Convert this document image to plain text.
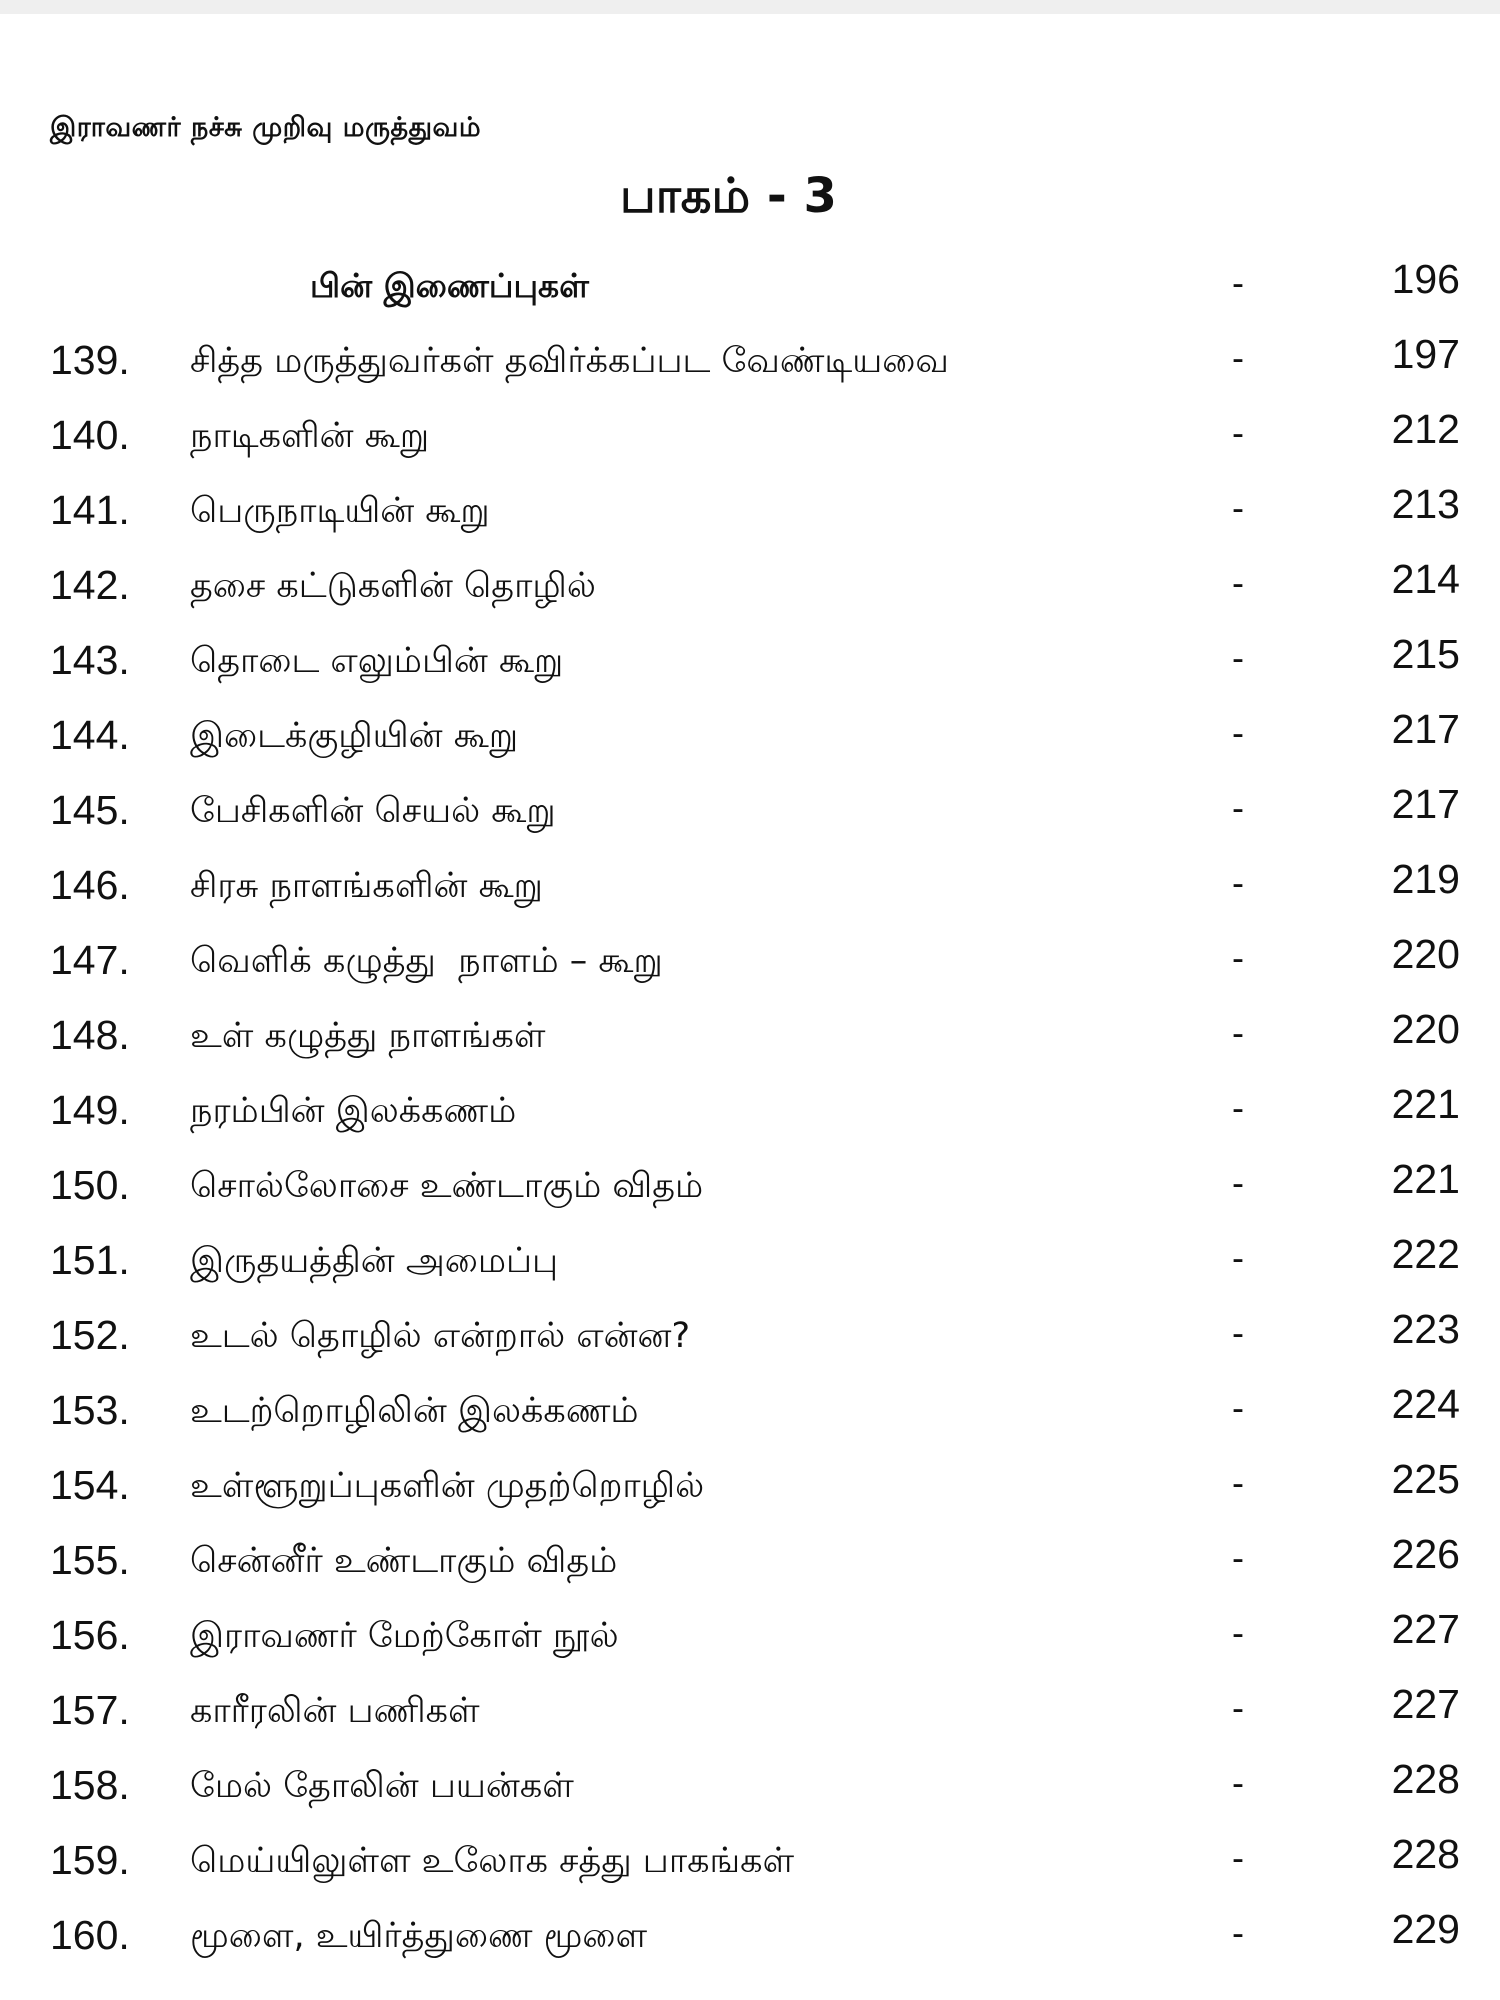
இராவணர் நச்சு முறிவு மருத்துவம்
பாகம் - 3
பின் இணைப்புகள்	-	196
139. சித்த மருத்துவர்கள் தவிர்க்கப்பட வேண்டியவை	-	197
140. நாடிகளின் கூறு	-	212
141. பெருநாடியின் கூறு	-	213
142. தசை கட்டுகளின் தொழில்	-	214
143. தொடை எலும்பின் கூறு	-	215
144. இடைக்குழியின் கூறு	-	217
145. பேசிகளின் செயல் கூறு	-	217
146. சிரசு நாளங்களின் கூறு	-	219
147. வெளிக் கழுத்து  நாளம் – கூறு	-	220
148. உள் கழுத்து நாளங்கள்	-	220
149. நரம்பின் இலக்கணம்	-	221
150. சொல்லோசை உண்டாகும் விதம்	-	221
151. இருதயத்தின் அமைப்பு	-	222
152. உடல் தொழில் என்றால் என்ன?	-	223
153. உடற்றொழிலின் இலக்கணம்	-	224
154. உள்ளூறுப்புகளின் முதற்றொழில்	-	225
155. சென்னீர் உண்டாகும் விதம்	-	226
156. இராவணர் மேற்கோள் நூல்	-	227
157. காரீரலின் பணிகள்	-	227
158. மேல் தோலின் பயன்கள்	-	228
159. மெய்யிலுள்ள உலோக சத்து பாகங்கள்	-	228
160. மூளை, உயிர்த்துணை மூளை	-	229
